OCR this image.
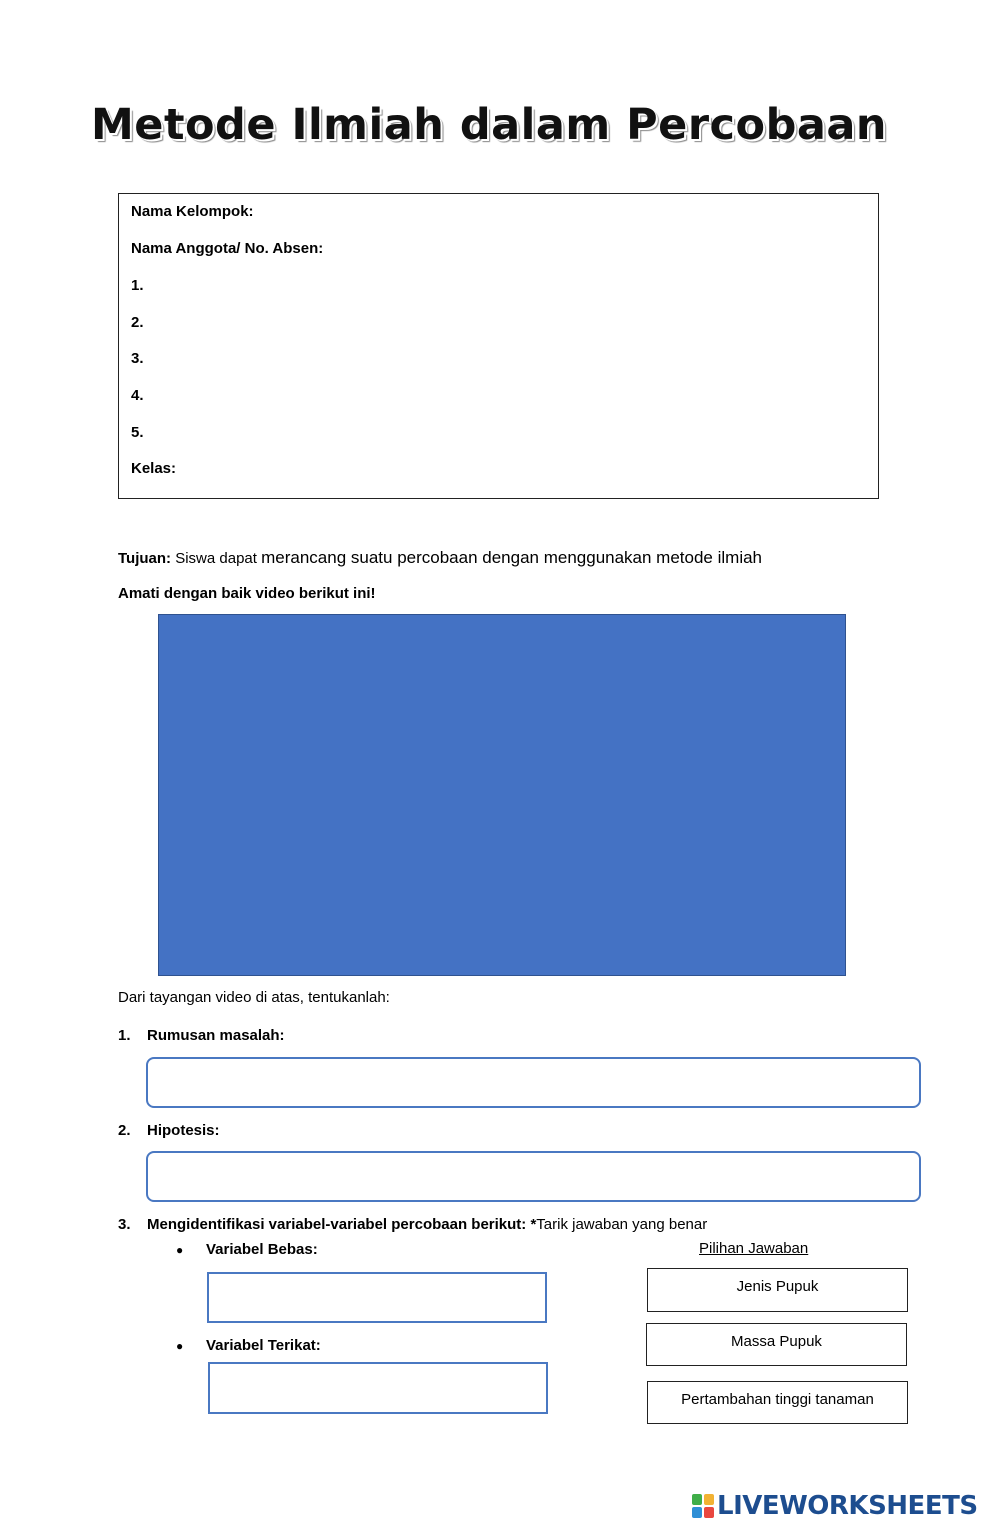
Metode Ilmiah dalam Percobaan
Nama Kelompok:
Nama Anggota/ No. Absen:
1.
2.
3.
4.
5.
Kelas:
Tujuan: Siswa dapat merancang suatu percobaan dengan menggunakan metode ilmiah
Amati dengan baik video berikut ini!
Dari tayangan video di atas, tentukanlah:
1. Rumusan masalah:
2. Hipotesis:
3. Mengidentifikasi variabel-variabel percobaan berikut: *Tarik jawaban yang benar
● Variabel Bebas:
● Variabel Terikat:
Pilihan Jawaban
Jenis Pupuk
Massa Pupuk
Pertambahan tinggi tanaman
LIVEWORKSHEETS
